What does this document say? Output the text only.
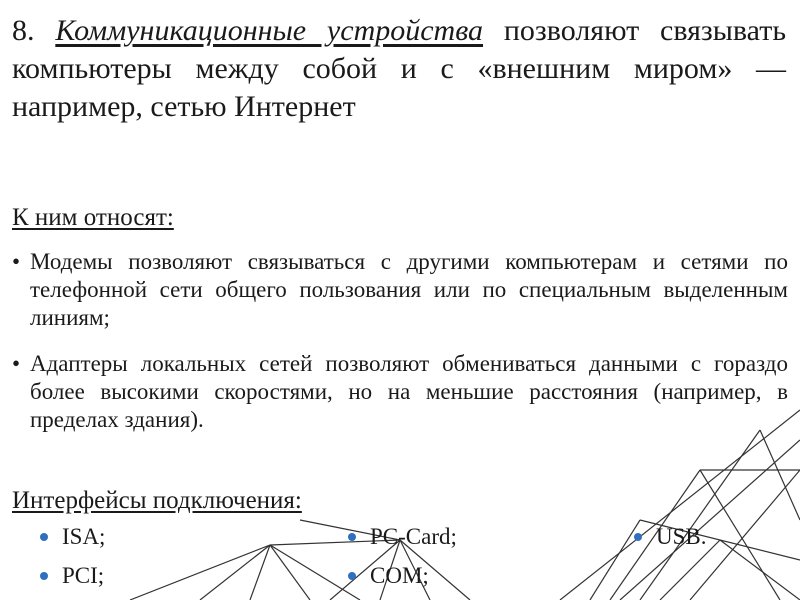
8. Коммуникационные устройства позволяют связывать компьютеры между собой и с «внешним миром» — например, сетью Интернет

К ним относят:

• Модемы позволяют связываться с другими компьютерам и сетями по телефонной сети общего пользования или по специальным выделенным линиям;
• Адаптеры локальных сетей позволяют обмениваться данными с гораздо более высокими скоростями, но на меньшие расстояния (например, в пределах здания).

Интерфейсы подключения:

ISA;	PC-Card;	USB.
PCI;	COM;
